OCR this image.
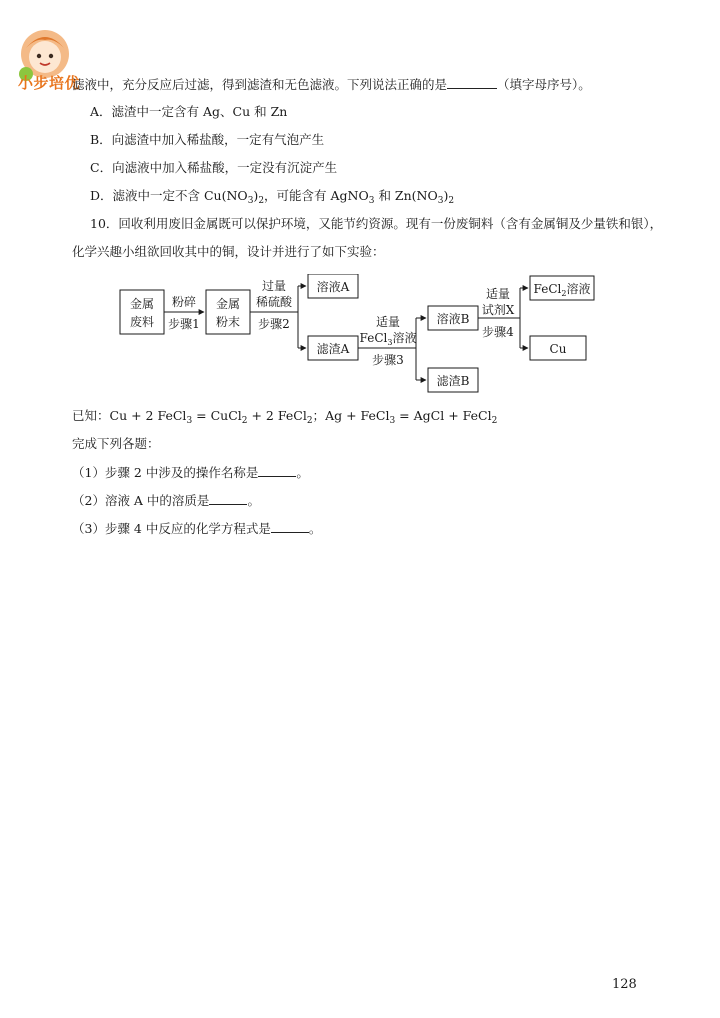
小步培优
滤液中，充分反应后过滤，得到滤渣和无色滤液。下列说法正确的是	（填字母序号）。
A．滤渣中一定含有 Ag、Cu 和 Zn
B．向滤渣中加入稀盐酸，一定有气泡产生
C．向滤液中加入稀盐酸，一定没有沉淀产生
D．滤液中一定不含 $Cu(NO_3)_2$，可能含有 AgNO$_3$ 和 $Zn(NO_3)_2$
10．回收利用废旧金属既可以保护环境，又能节约资源。现有一份废铜料（含有金属铜及少量铁和银），
化学兴趣小组欲回收其中的铜，设计并进行了如下实验：
金属
废料
金属
粉末
溶液A
滤渣A
溶液B
滤渣B
FeCl$_2$溶液
Cu
粉碎
步骤1
过量
稀硫酸
步骤2	适量
FeCl$_3$溶液
步骤3
适量
试剂X
步骤4
已知：Cu + 2 FeCl$_3$ = CuCl$_2$ + 2 FeCl$_2$；Ag + FeCl$_3$ = AgCl + FeCl$_2$
完成下列各题：
（1）步骤 2 中涉及的操作名称是	。
（2）溶液 A 中的溶质是	。
（3）步骤 4 中反应的化学方程式是	。
128
